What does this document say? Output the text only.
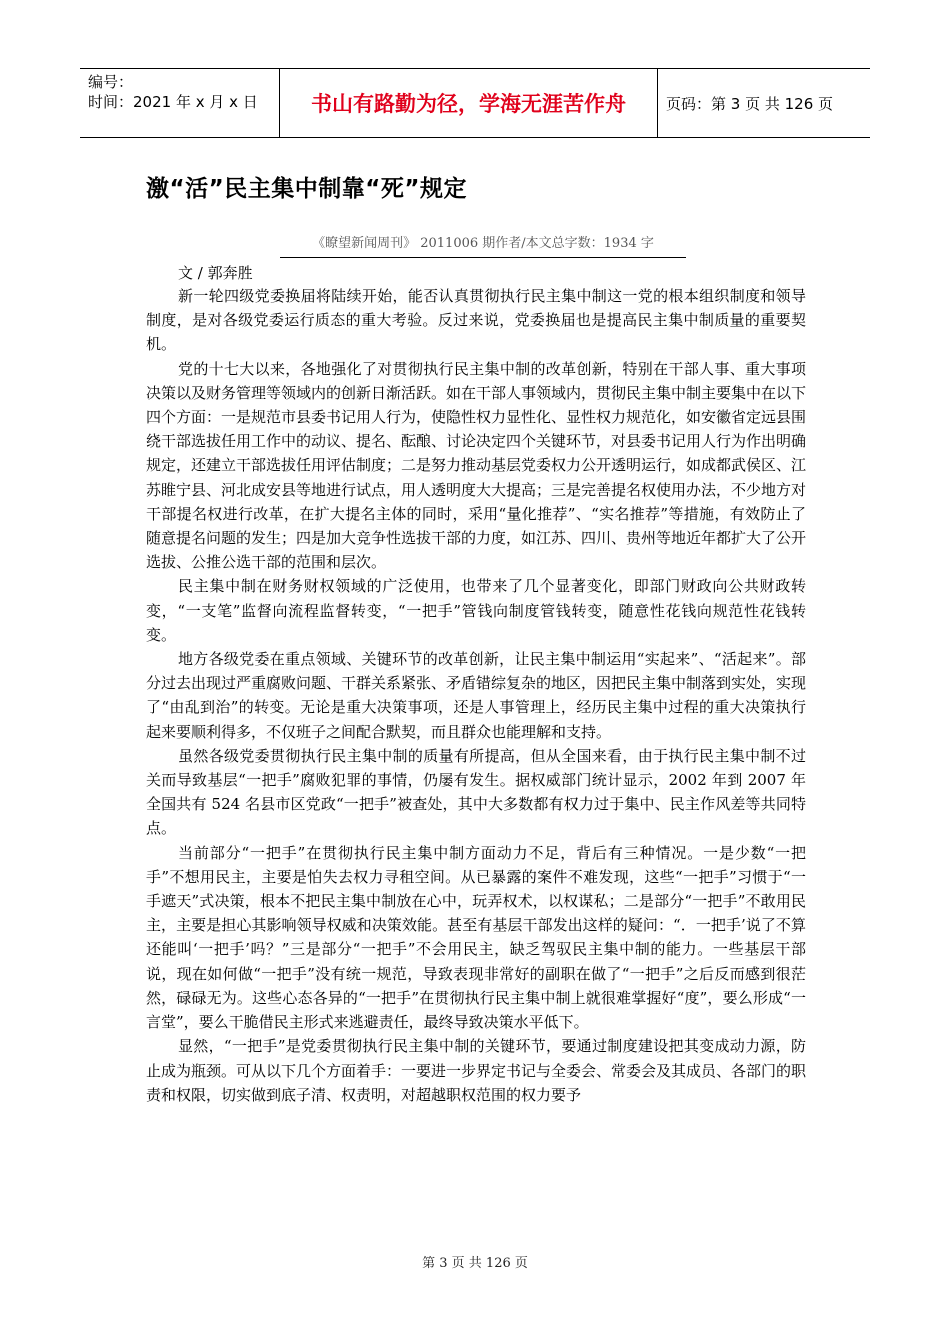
编号：
时间：2021 年 x 月 x 日	书山有路勤为径，学海无涯苦作舟	页码：第 3 页 共 126 页
激“活”民主集中制靠“死”规定
《瞭望新闻周刊》 2011006 期作者/本文总字数：1934 字
文 / 郭奔胜

新一轮四级党委换届将陆续开始，能否认真贯彻执行民主集中制这一党的根本组织制度和领导制度，是对各级党委运行质态的重大考验。反过来说，党委换届也是提高民主集中制质量的重要契机。

党的十七大以来，各地强化了对贯彻执行民主集中制的改革创新，特别在干部人事、重大事项决策以及财务管理等领域内的创新日渐活跃。如在干部人事领域内，贯彻民主集中制主要集中在以下四个方面：一是规范市县委书记用人行为，使隐性权力显性化、显性权力规范化，如安徽省定远县围绕干部选拔任用工作中的动议、提名、酝酿、讨论决定四个关键环节，对县委书记用人行为作出明确规定，还建立干部选拔任用评估制度；二是努力推动基层党委权力公开透明运行，如成都武侯区、江苏睢宁县、河北成安县等地进行试点，用人透明度大大提高；三是完善提名权使用办法，不少地方对干部提名权进行改革，在扩大提名主体的同时，采用“量化推荐”、“实名推荐”等措施，有效防止了随意提名问题的发生；四是加大竞争性选拔干部的力度，如江苏、四川、贵州等地近年都扩大了公开选拔、公推公选干部的范围和层次。

民主集中制在财务财权领域的广泛使用，也带来了几个显著变化，即部门财政向公共财政转变，“一支笔”监督向流程监督转变，“一把手”管钱向制度管钱转变，随意性花钱向规范性花钱转变。

地方各级党委在重点领域、关键环节的改革创新，让民主集中制运用“实起来”、“活起来”。部分过去出现过严重腐败问题、干群关系紧张、矛盾错综复杂的地区，因把民主集中制落到实处，实现了“由乱到治”的转变。无论是重大决策事项，还是人事管理上，经历民主集中过程的重大决策执行起来要顺利得多，不仅班子之间配合默契，而且群众也能理解和支持。

虽然各级党委贯彻执行民主集中制的质量有所提高，但从全国来看，由于执行民主集中制不过关而导致基层“一把手”腐败犯罪的事情，仍屡有发生。据权威部门统计显示，2002 年到 2007 年全国共有 524 名县市区党政“一把手”被查处，其中大多数都有权力过于集中、民主作风差等共同特点。

当前部分“一把手”在贯彻执行民主集中制方面动力不足，背后有三种情况。一是少数“一把手”不想用民主，主要是怕失去权力寻租空间。从已暴露的案件不难发现，这些“一把手”习惯于“一手遮天”式决策，根本不把民主集中制放在心中，玩弄权术，以权谋私；二是部分“一把手”不敢用民主，主要是担心其影响领导权威和决策效能。甚至有基层干部发出这样的疑问：“．一把手’说了不算还能叫‘一把手’吗？”三是部分“一把手”不会用民主，缺乏驾驭民主集中制的能力。一些基层干部说，现在如何做“一把手”没有统一规范，导致表现非常好的副职在做了“一把手”之后反而感到很茫然，碌碌无为。这些心态各异的“一把手”在贯彻执行民主集中制上就很难掌握好“度”，要么形成“一言堂”，要么干脆借民主形式来逃避责任，最终导致决策水平低下。

显然，“一把手”是党委贯彻执行民主集中制的关键环节，要通过制度建设把其变成动力源，防止成为瓶颈。可从以下几个方面着手：一要进一步界定书记与全委会、常委会及其成员、各部门的职责和权限，切实做到底子清、权责明，对超越职权范围的权力要予

第 3 页 共 126 页
